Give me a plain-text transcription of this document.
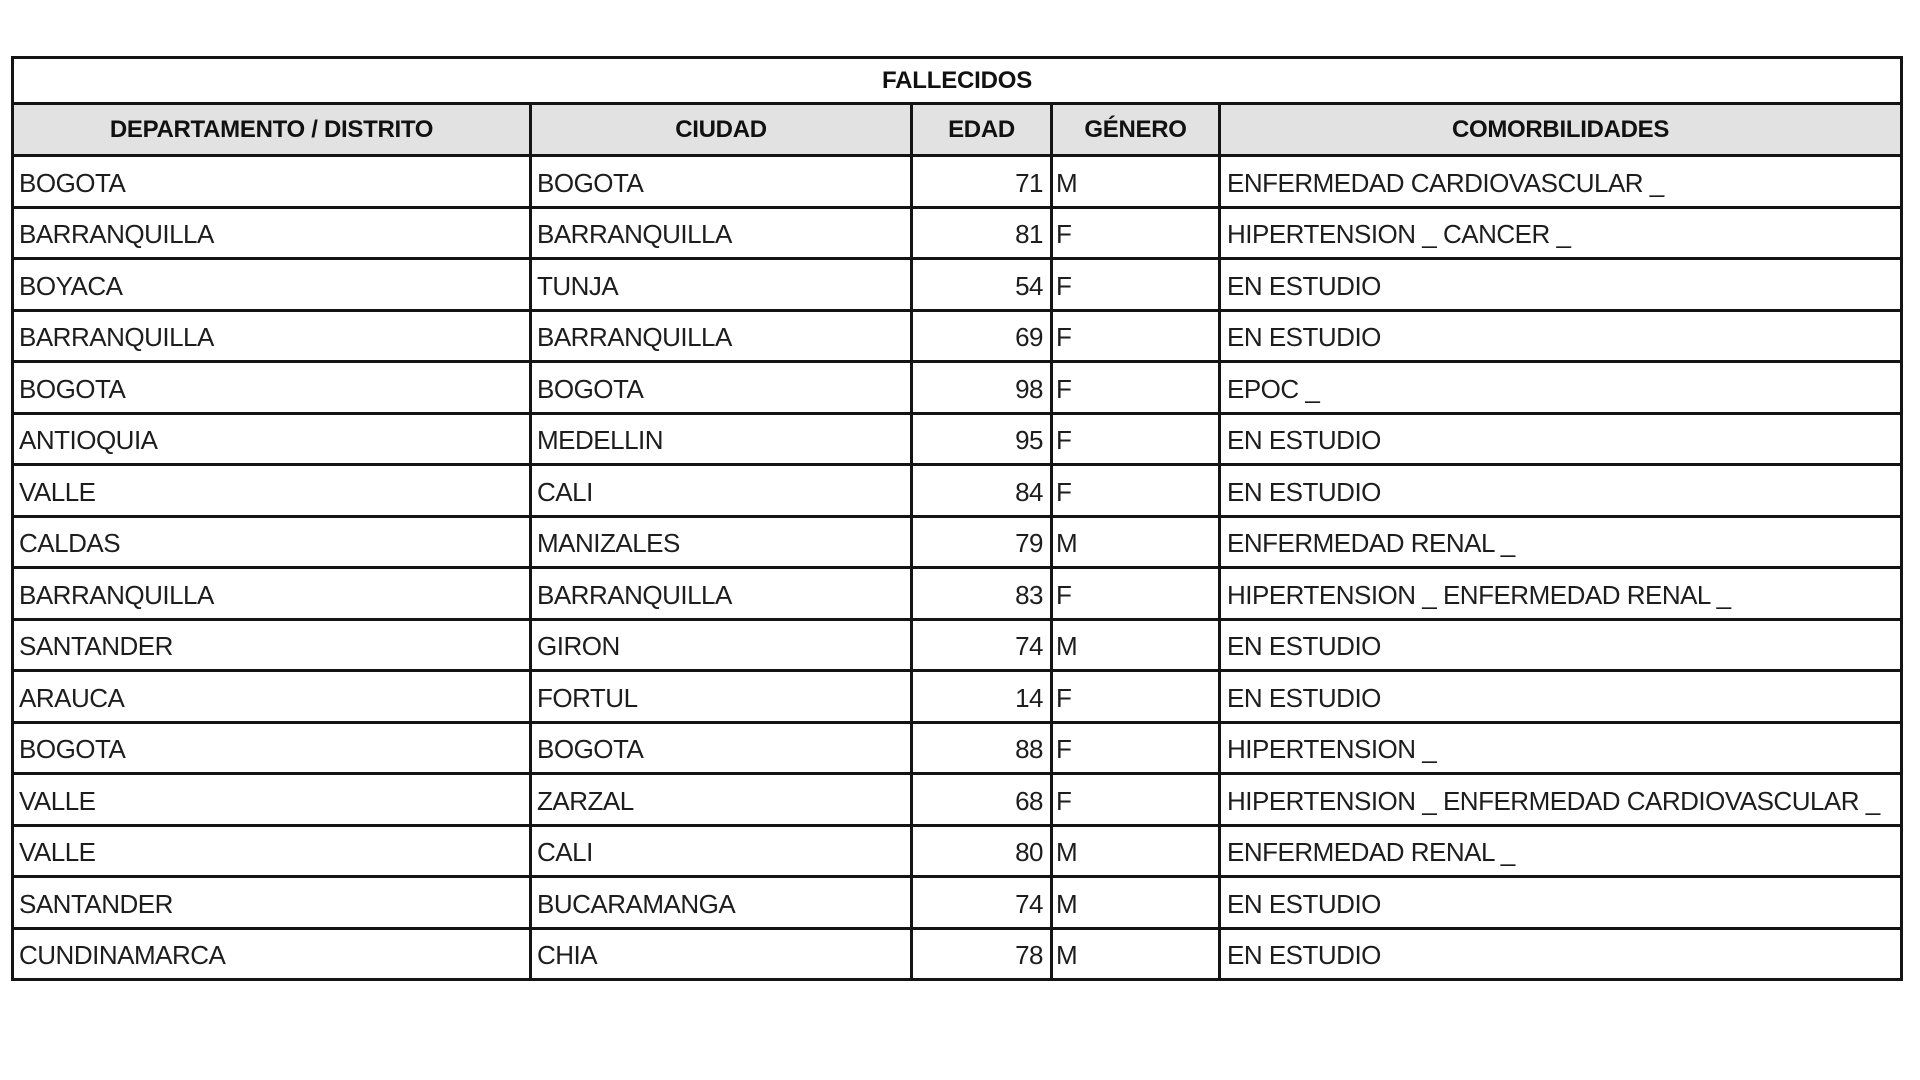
FALLECIDOS				
DEPARTAMENTO / DISTRITO	CIUDAD	EDAD	GÉNERO	COMORBILIDADES
BOGOTA	BOGOTA	71	M	ENFERMEDAD CARDIOVASCULAR _
BARRANQUILLA	BARRANQUILLA	81	F	HIPERTENSION _ CANCER _
BOYACA	TUNJA	54	F	EN ESTUDIO
BARRANQUILLA	BARRANQUILLA	69	F	EN ESTUDIO
BOGOTA	BOGOTA	98	F	EPOC _
ANTIOQUIA	MEDELLIN	95	F	EN ESTUDIO
VALLE	CALI	84	F	EN ESTUDIO
CALDAS	MANIZALES	79	M	ENFERMEDAD RENAL _
BARRANQUILLA	BARRANQUILLA	83	F	HIPERTENSION _ ENFERMEDAD RENAL _
SANTANDER	GIRON	74	M	EN ESTUDIO
ARAUCA	FORTUL	14	F	EN ESTUDIO
BOGOTA	BOGOTA	88	F	HIPERTENSION _
VALLE	ZARZAL	68	F	HIPERTENSION _ ENFERMEDAD CARDIOVASCULAR _
VALLE	CALI	80	M	ENFERMEDAD RENAL _
SANTANDER	BUCARAMANGA	74	M	EN ESTUDIO
CUNDINAMARCA	CHIA	78	M	EN ESTUDIO
